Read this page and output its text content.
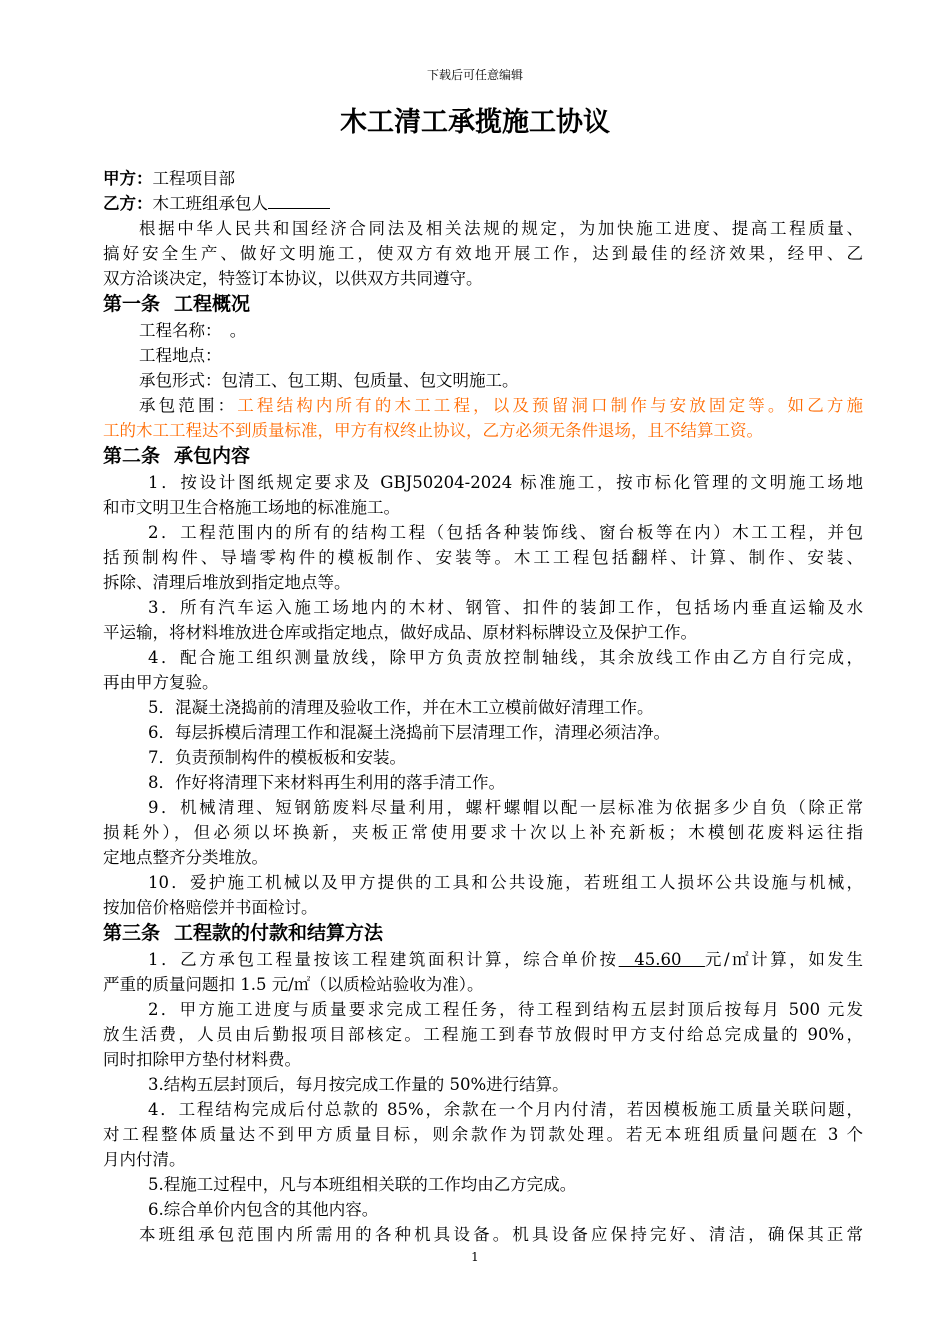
下载后可任意编辑
木工清工承揽施工协议
甲方：工程项目部
乙方：木工班组承包人
根据中华人民共和国经济合同法及相关法规的规定，为加快施工进度、提高工程质量、
搞好安全生产、做好文明施工，使双方有效地开展工作，达到最佳的经济效果，经甲、乙
双方洽谈决定，特签订本协议，以供双方共同遵守。
第一条 工程概况
工程名称：　。
工程地点：
承包形式：包清工、包工期、包质量、包文明施工。
承包范围：工程结构内所有的木工工程，以及预留洞口制作与安放固定等。如乙方施
工的木工工程达不到质量标准，甲方有权终止协议，乙方必须无条件退场，且不结算工资。
第二条 承包内容
1．按设计图纸规定要求及 GBJ50204-2024 标准施工，按市标化管理的文明施工场地
和市文明卫生合格施工场地的标准施工。
2．工程范围内的所有的结构工程（包括各种装饰线、窗台板等在内）木工工程，并包
括预制构件、导墙零构件的模板制作、安装等。木工工程包括翻样、计算、制作、安装、
拆除、清理后堆放到指定地点等。
3．所有汽车运入施工场地内的木材、钢管、扣件的装卸工作，包括场内垂直运输及水
平运输，将材料堆放进仓库或指定地点，做好成品、原材料标牌设立及保护工作。
4．配合施工组织测量放线，除甲方负责放控制轴线，其余放线工作由乙方自行完成，
再由甲方复验。
5．混凝土浇捣前的清理及验收工作，并在木工立模前做好清理工作。
6．每层拆模后清理工作和混凝土浇捣前下层清理工作，清理必须洁净。
7．负责预制构件的模板板和安装。
8．作好将清理下来材料再生利用的落手清工作。
9．机械清理、短钢筋废料尽量利用，螺杆螺帽以配一层标准为依据多少自负（除正常
损耗外），但必须以坏换新，夹板正常使用要求十次以上补充新板；木模刨花废料运往指
定地点整齐分类堆放。
10．爱护施工机械以及甲方提供的工具和公共设施，若班组工人损坏公共设施与机械，
按加倍价格赔偿并书面检讨。
第三条 工程款的付款和结算方法
1．乙方承包工程量按该工程建筑面积计算，综合单价按  45.60   元/㎡计算，如发生
严重的质量问题扣 1.5 元/㎡（以质检站验收为准）。
2．甲方施工进度与质量要求完成工程任务，待工程到结构五层封顶后按每月 500 元发
放生活费，人员由后勤报项目部核定。工程施工到春节放假时甲方支付给总完成量的 90%，
同时扣除甲方垫付材料费。
3.结构五层封顶后，每月按完成工作量的 50%进行结算。
4．工程结构完成后付总款的 85%，余款在一个月内付清，若因模板施工质量关联问题，
对工程整体质量达不到甲方质量目标，则余款作为罚款处理。若无本班组质量问题在 3 个
月内付清。
5.程施工过程中，凡与本班组相关联的工作均由乙方完成。
6.综合单价内包含的其他内容。
本班组承包范围内所需用的各种机具设备。机具设备应保持完好、清洁，确保其正常
1
